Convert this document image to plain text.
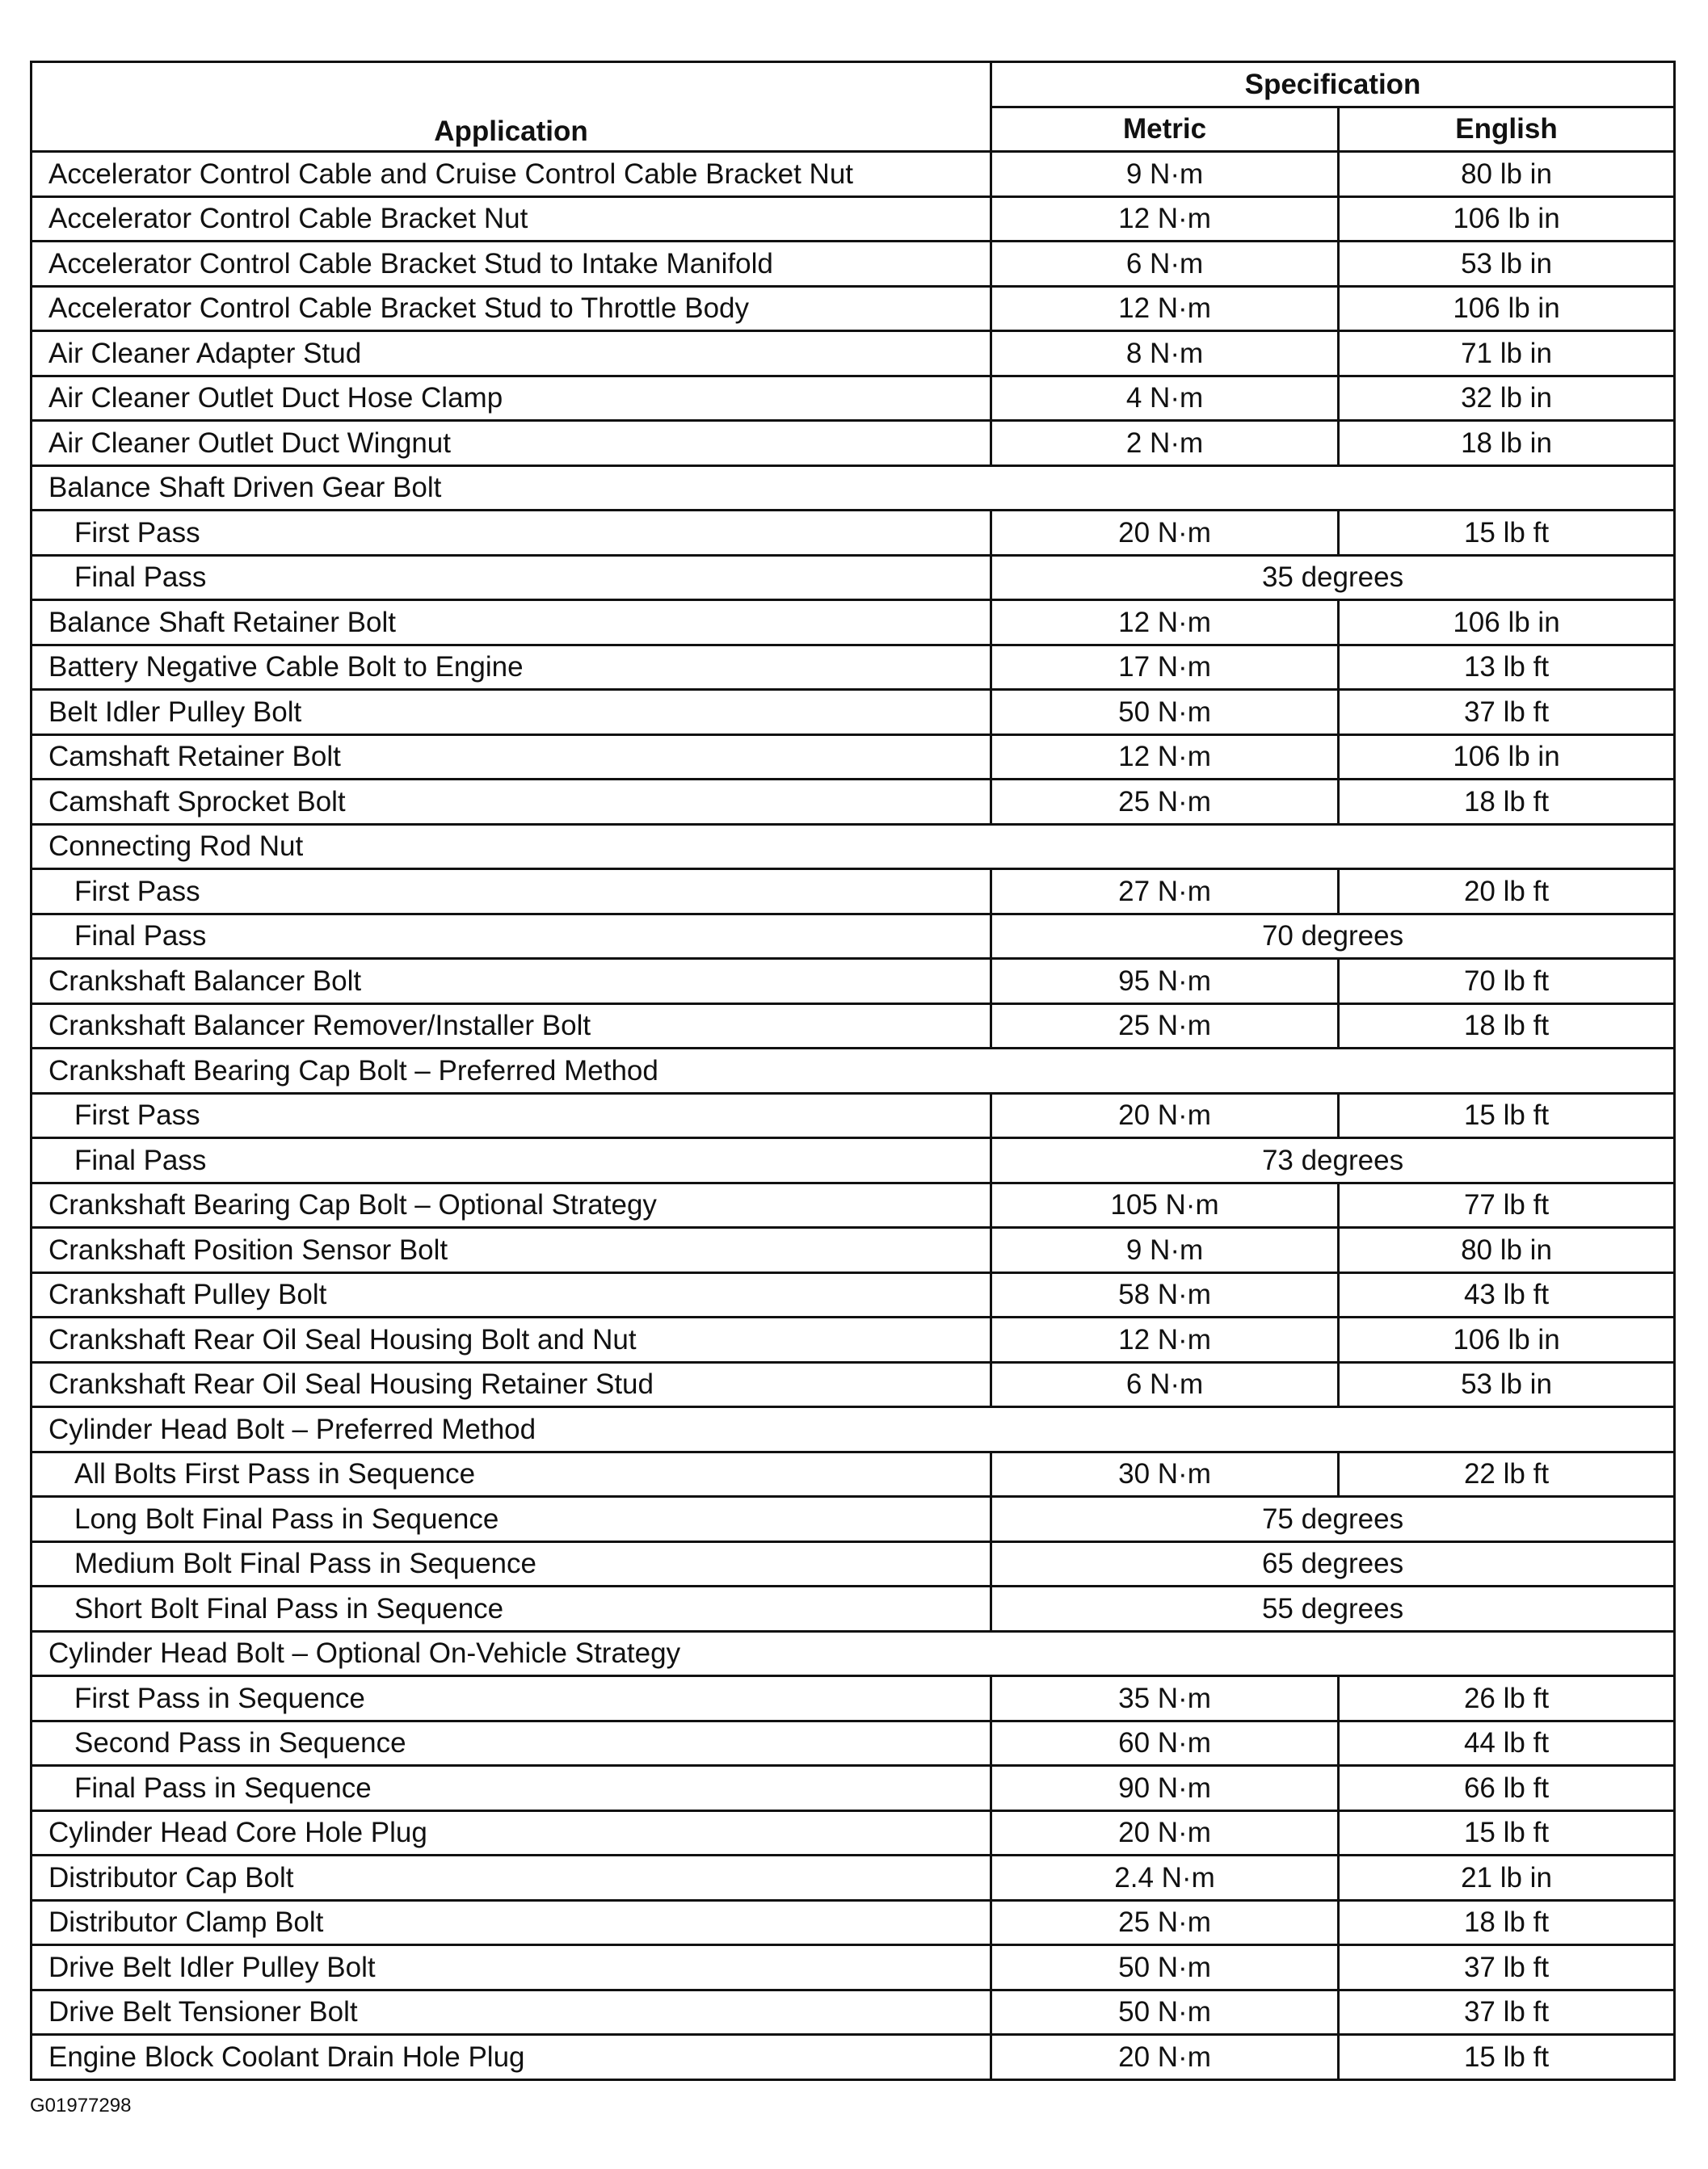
Application	Specification	
	Metric	English
Accelerator Control Cable and Cruise Control Cable Bracket Nut	9 N·m	80 lb in
Accelerator Control Cable Bracket Nut	12 N·m	106 lb in
Accelerator Control Cable Bracket Stud to Intake Manifold	6 N·m	53 lb in
Accelerator Control Cable Bracket Stud to Throttle Body	12 N·m	106 lb in
Air Cleaner Adapter Stud	8 N·m	71 lb in
Air Cleaner Outlet Duct Hose Clamp	4 N·m	32 lb in
Air Cleaner Outlet Duct Wingnut	2 N·m	18 lb in
Balance Shaft Driven Gear Bolt		
First Pass	20 N·m	15 lb ft
Final Pass	35 degrees	
Balance Shaft Retainer Bolt	12 N·m	106 lb in
Battery Negative Cable Bolt to Engine	17 N·m	13 lb ft
Belt Idler Pulley Bolt	50 N·m	37 lb ft
Camshaft Retainer Bolt	12 N·m	106 lb in
Camshaft Sprocket Bolt	25 N·m	18 lb ft
Connecting Rod Nut		
First Pass	27 N·m	20 lb ft
Final Pass	70 degrees	
Crankshaft Balancer Bolt	95 N·m	70 lb ft
Crankshaft Balancer Remover/Installer Bolt	25 N·m	18 lb ft
Crankshaft Bearing Cap Bolt – Preferred Method		
First Pass	20 N·m	15 lb ft
Final Pass	73 degrees	
Crankshaft Bearing Cap Bolt – Optional Strategy	105 N·m	77 lb ft
Crankshaft Position Sensor Bolt	9 N·m	80 lb in
Crankshaft Pulley Bolt	58 N·m	43 lb ft
Crankshaft Rear Oil Seal Housing Bolt and Nut	12 N·m	106 lb in
Crankshaft Rear Oil Seal Housing Retainer Stud	6 N·m	53 lb in
Cylinder Head Bolt – Preferred Method		
All Bolts First Pass in Sequence	30 N·m	22 lb ft
Long Bolt Final Pass in Sequence	75 degrees	
Medium Bolt Final Pass in Sequence	65 degrees	
Short Bolt Final Pass in Sequence	55 degrees	
Cylinder Head Bolt – Optional On-Vehicle Strategy		
First Pass in Sequence	35 N·m	26 lb ft
Second Pass in Sequence	60 N·m	44 lb ft
Final Pass in Sequence	90 N·m	66 lb ft
Cylinder Head Core Hole Plug	20 N·m	15 lb ft
Distributor Cap Bolt	2.4 N·m	21 lb in
Distributor Clamp Bolt	25 N·m	18 lb ft
Drive Belt Idler Pulley Bolt	50 N·m	37 lb ft
Drive Belt Tensioner Bolt	50 N·m	37 lb ft
Engine Block Coolant Drain Hole Plug	20 N·m	15 lb ft
G01977298
